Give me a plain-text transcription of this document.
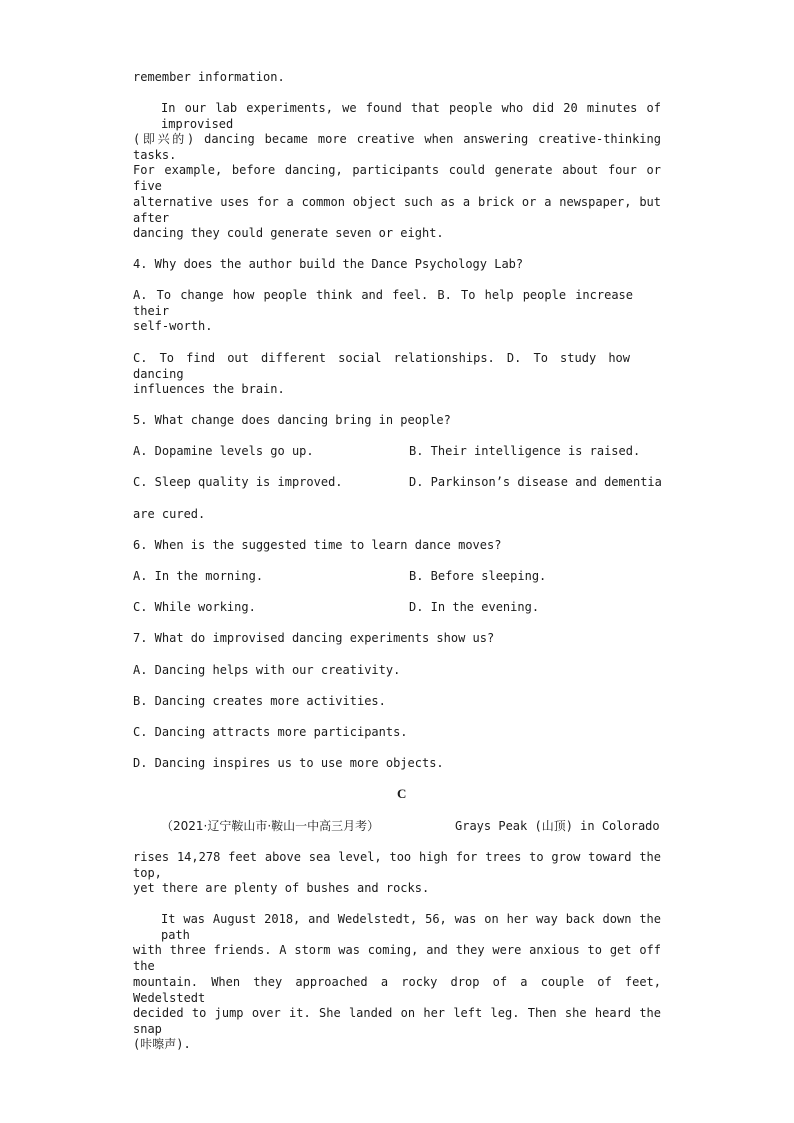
remember information.
In our lab experiments, we found that people who did 20 minutes of improvised
(即兴的) dancing became more creative when answering creative-thinking tasks.
For example, before dancing, participants could generate about four or five
alternative uses for a common object such as a brick or a newspaper, but after
dancing they could generate seven or eight.
4. Why does the author build the Dance Psychology Lab?
A. To change how people think and feel. B. To help people increase their
self-worth.
C. To find out different social relationships. D. To study how dancing
influences the brain.
5. What change does dancing bring in people?
A. Dopamine levels go up.	B. Their intelligence is raised.
C. Sleep quality is improved.	D. Parkinson’s disease and dementia
are cured.
6. When is the suggested time to learn dance moves?
A. In the morning.	B. Before sleeping.
C. While working.	D. In the evening.
7. What do improvised dancing experiments show us?
A. Dancing helps with our creativity.
B. Dancing creates more activities.
C. Dancing attracts more participants.
D. Dancing inspires us to use more objects.
C
（2021·辽宁鞍山市·鞍山一中高三月考）	Grays Peak (山顶) in Colorado
rises 14,278 feet above sea level, too high for trees to grow toward the top,
yet there are plenty of bushes and rocks.
It was August 2018, and Wedelstedt, 56, was on her way back down the path
with three friends. A storm was coming, and they were anxious to get off the
mountain. When they approached a rocky drop of a couple of feet, Wedelstedt
decided to jump over it. She landed on her left leg. Then she heard the snap
(咔嚓声).
